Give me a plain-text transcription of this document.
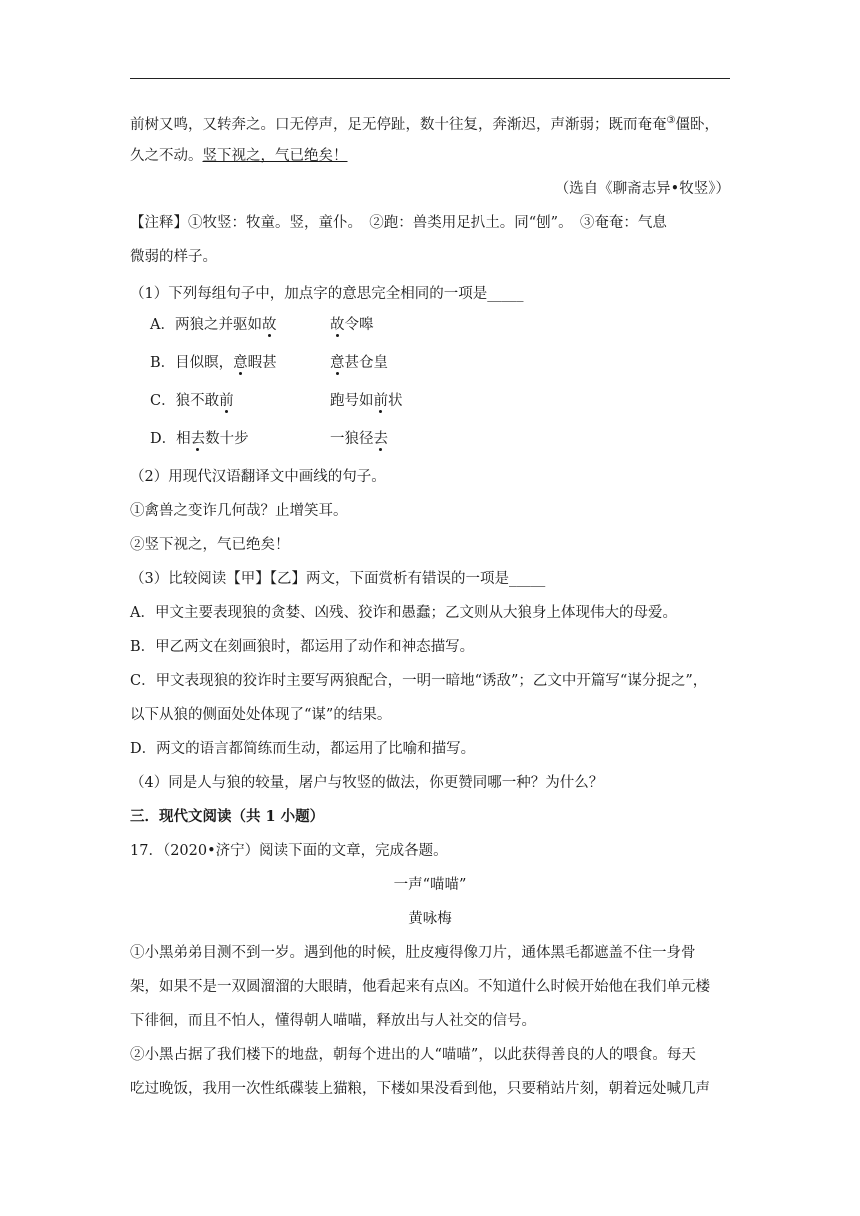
前树又鸣，又转奔之。口无停声，足无停趾，数十往复，奔渐迟，声渐弱；既而奄奄③僵卧，
久之不动。竖下视之，气已绝矣！
（选自《聊斋志异•牧竖》）
【注释】①牧竖：牧童。竖，童仆。　②跑：兽类用足扒土。同“刨”。　③奄奄：气息
微弱的样子。
（1）下列每组句子中，加点字的意思完全相同的一项是_____
A．两狼之并驱如故	故令嗥
B．目似瞑，意暇甚	意甚仓皇
C．狼不敢前	跑号如前状
D．相去数十步	一狼径去
（2）用现代汉语翻译文中画线的句子。
①禽兽之变诈几何哉？止增笑耳。
②竖下视之，气已绝矣！
（3）比较阅读【甲】【乙】两文，下面赏析有错误的一项是_____
A．甲文主要表现狼的贪婪、凶残、狡诈和愚蠢；乙文则从大狼身上体现伟大的母爱。
B．甲乙两文在刻画狼时，都运用了动作和神态描写。
C．甲文表现狼的狡诈时主要写两狼配合，一明一暗地“诱敌”；乙文中开篇写“谋分捉之”，
以下从狼的侧面处处体现了“谋”的结果。
D．两文的语言都简练而生动，都运用了比喻和描写。
（4）同是人与狼的较量，屠户与牧竖的做法，你更赞同哪一种？为什么？
三．现代文阅读（共 1 小题）
17．（2020•济宁）阅读下面的文章，完成各题。
一声“喵喵”
黄咏梅
①小黑弟弟目测不到一岁。遇到他的时候，肚皮瘦得像刀片，通体黑毛都遮盖不住一身骨
架，如果不是一双圆溜溜的大眼睛，他看起来有点凶。不知道什么时候开始他在我们单元楼
下徘徊，而且不怕人，懂得朝人喵喵，释放出与人社交的信号。
②小黑占据了我们楼下的地盘，朝每个进出的人“喵喵”，以此获得善良的人的喂食。每天
吃过晚饭，我用一次性纸碟装上猫粮，下楼如果没看到他，只要稍站片刻，朝着远处喊几声
